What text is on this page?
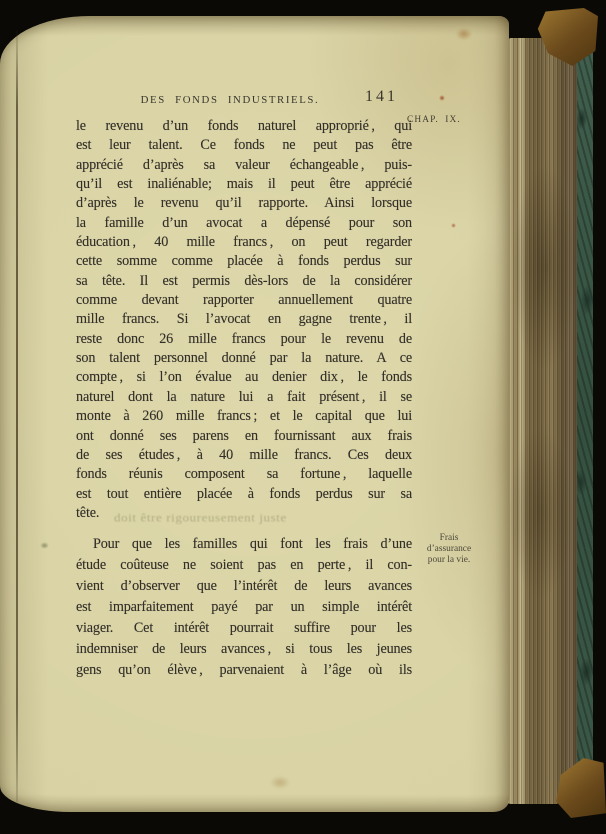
DES FONDS INDUSTRIELS.	141
CHAP. IX.
le revenu d’un fonds naturel approprié , qui
est leur talent. Ce fonds ne peut pas être
apprécié d’après sa valeur échangeable , puis-
qu’il est inaliénable; mais il peut être apprécié
d’après le revenu qu’il rapporte. Ainsi lorsque
la famille d’un avocat a dépensé pour son
éducation , 40 mille francs , on peut regarder
cette somme comme placée à fonds perdus sur
sa tête. Il est permis dès-lors de la considérer
comme devant rapporter annuellement quatre
mille francs. Si l’avocat en gagne trente , il
reste donc 26 mille francs pour le revenu de
son talent personnel donné par la nature. A ce
compte , si l’on évalue au denier dix , le fonds
naturel dont la nature lui a fait présent , il se
monte à 260 mille francs ; et le capital que lui
ont donné ses parens en fournissant aux frais
de ses études , à 40 mille francs. Ces deux
fonds réunis composent sa fortune , laquelle
est tout entière placée à fonds perdus sur sa
tête.
Pour que les familles qui font les frais d’une
étude coûteuse ne soient pas en perte , il con-
vient d’observer que l’intérêt de leurs avances
est imparfaitement payé par un simple intérêt
viager. Cet intérêt pourrait suffire pour les
indemniser de leurs avances , si tous les jeunes
gens qu’on élève , parvenaient à l’âge où ils
doit être rigoureusement juste
Frais
d’assurance
pour la vie.
